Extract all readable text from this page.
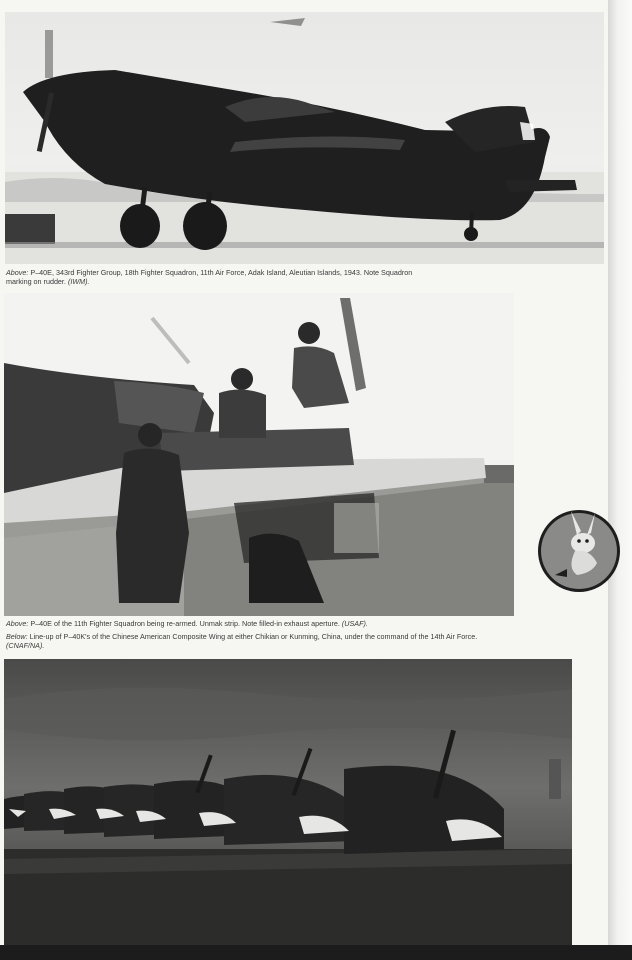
Above: P–40E, 343rd Fighter Group, 18th Fighter Squadron, 11th Air Force, Adak Island, Aleutian Islands, 1943. Note Squadron marking on rudder. (IWM).

Above: P–40E of the 11th Fighter Squadron being re-armed. Unmak strip. Note filled-in exhaust aperture. (USAF).

Below: Line-up of P–40K's of the Chinese American Composite Wing at either Chikian or Kunming, China, under the command of the 14th Air Force. (CNAF/NA).
